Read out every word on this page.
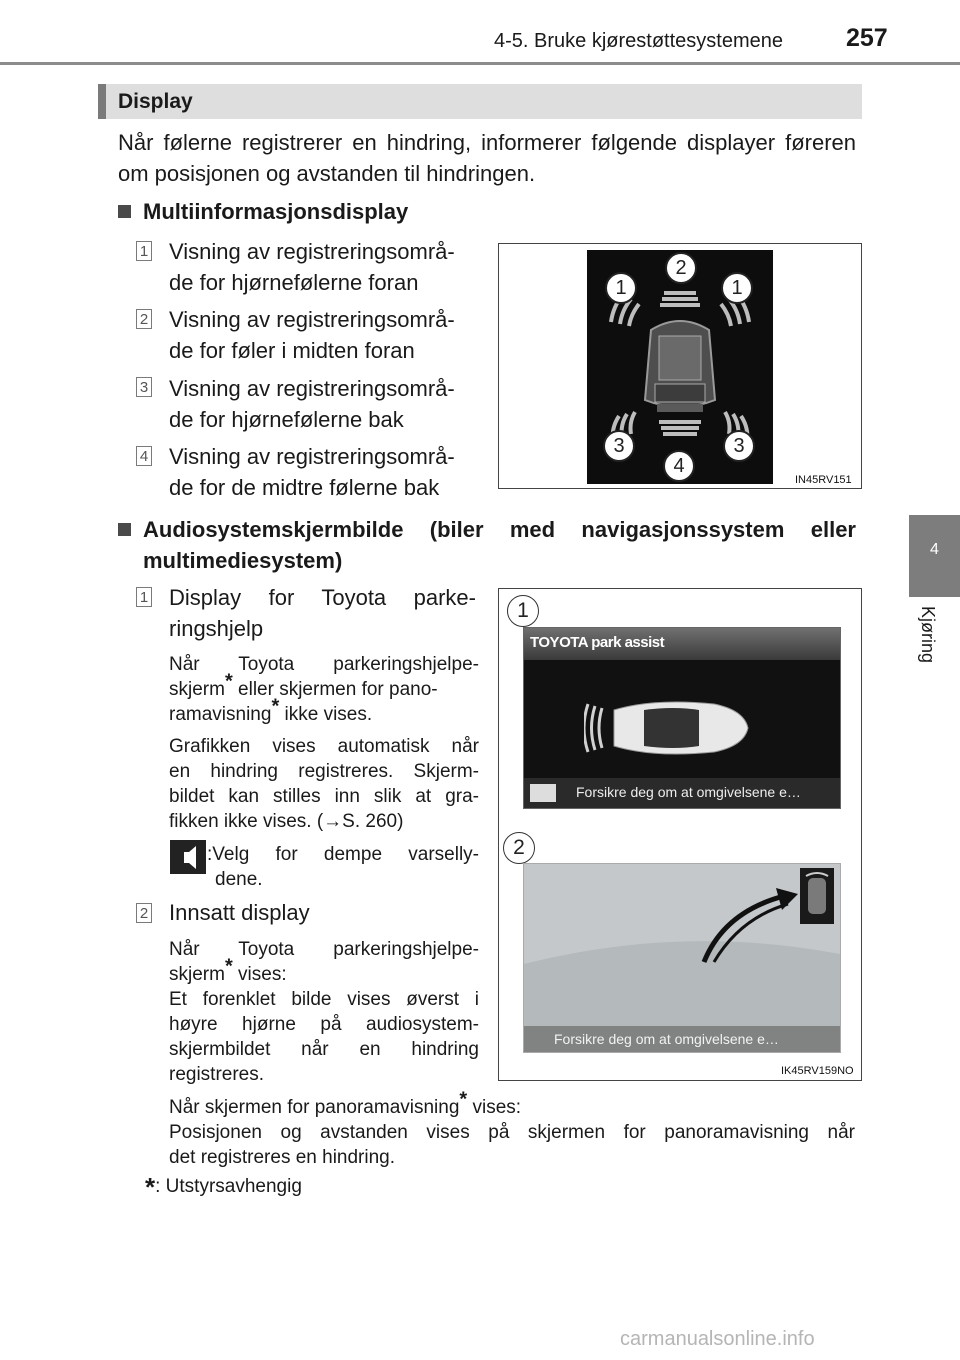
4-5. Bruke kjørestøttesystemene	257
4
Kjøring
Display
Når følerne registrerer en hindring, informerer følgende displayer føreren om posisjonen og avstanden til hindringen.
Multiinformasjonsdisplay
1 Visning av registreringsområ-
de for hjørnefølerne foran
2 Visning av registreringsområ-
de for føler i midten foran
3 Visning av registreringsområ-
de for hjørnefølerne bak
4 Visning av registreringsområ-
de for de midtre følerne bak
1
2
1
3	3
4
IN45RV151
Audiosystemskjermbilde (biler med navigasjonssystem eller
multimediesystem)
1 Display for Toyota parke-
ringshjelp
Når Toyota parkeringshjelpe-
skjerm* eller skjermen for pano-
ramavisning* ikke vises.
Grafikken vises automatisk når
en hindring registreres. Skjerm-
bildet kan stilles inn slik at gra-
fikken ikke vises. (→S. 260)
:Velg for dempe varselly-
dene.
2 Innsatt display
Når Toyota parkeringshjelpe-
skjerm* vises:
Et forenklet bilde vises øverst i
høyre hjørne på audiosystem-
skjermbildet når en hindring
registreres.
Når skjermen for panoramavisning* vises:
Posisjonen og avstanden vises på skjermen for panoramavisning når
det registreres en hindring.
1
TOYOTA park assist
Forsikre deg om at omgivelsene e…
2
Forsikre deg om at omgivelsene e…
IK45RV159NO
*: Utstyrsavhengig
carmanualsonline.info
